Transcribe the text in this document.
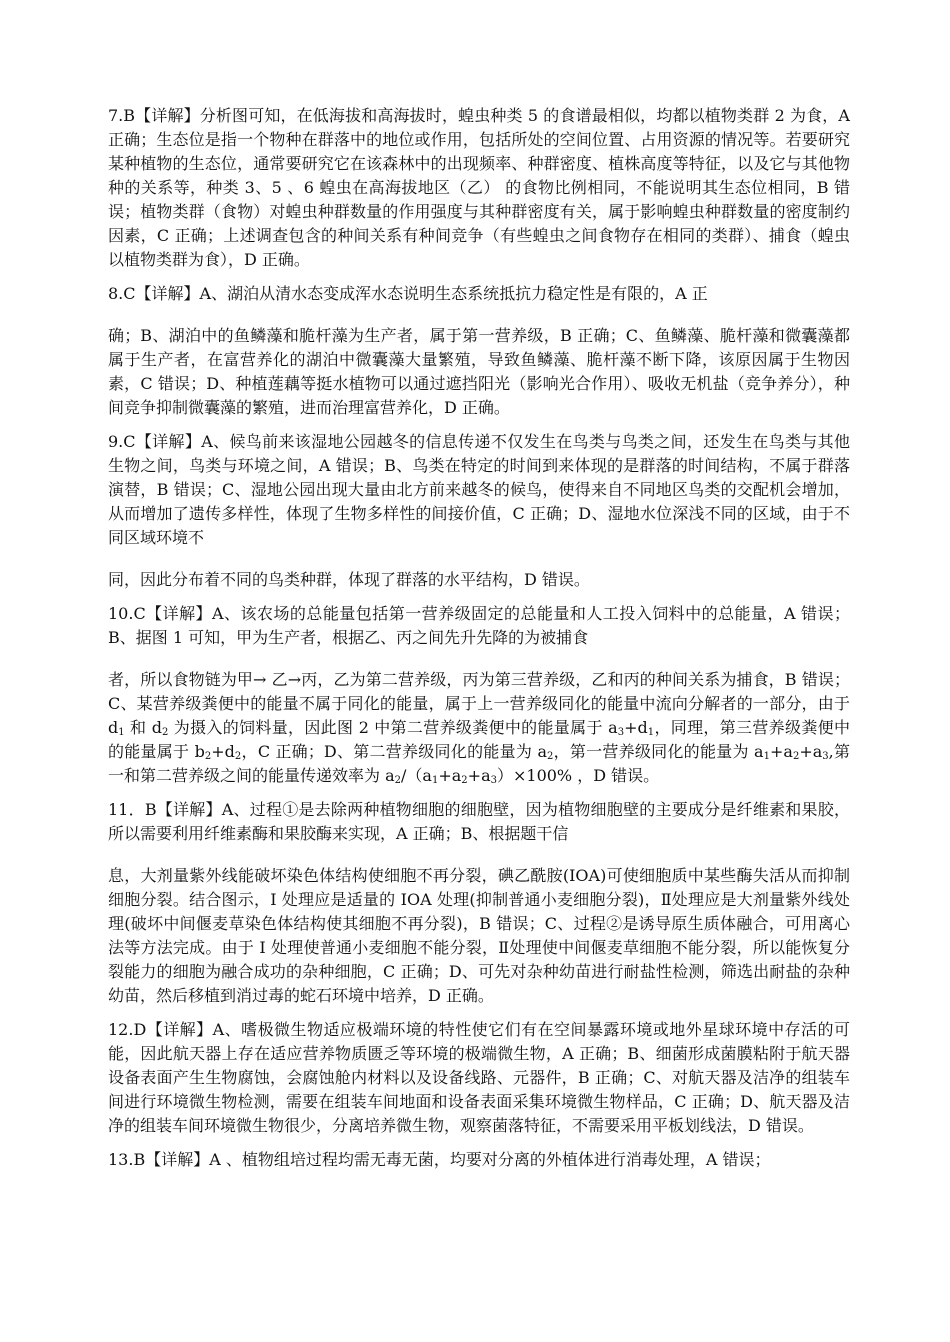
7.B【详解】分析图可知，在低海拔和高海拔时，蝗虫种类 5 的食谱最相似，均都以植物类群 2 为食，A 正确；生态位是指一个物种在群落中的地位或作用，包括所处的空间位置、占用资源的情况等。若要研究某种植物的生态位，通常要研究它在该森林中的出现频率、种群密度、植株高度等特征，以及它与其他物种的关系等，种类 3、5 、6 蝗虫在高海拔地区（乙） 的食物比例相同，不能说明其生态位相同，B 错误；植物类群（食物）对蝗虫种群数量的作用强度与其种群密度有关，属于影响蝗虫种群数量的密度制约因素，C 正确；上述调查包含的种间关系有种间竞争（有些蝗虫之间食物存在相同的类群）、捕食（蝗虫以植物类群为食），D 正确。

8.C【详解】A、湖泊从清水态变成浑水态说明生态系统抵抗力稳定性是有限的，A 正

确；B、湖泊中的鱼鳞藻和脆杆藻为生产者，属于第一营养级，B 正确；C、鱼鳞藻、脆杆藻和微囊藻都属于生产者，在富营养化的湖泊中微囊藻大量繁殖，导致鱼鳞藻、脆杆藻不断下降，该原因属于生物因素，C 错误；D、种植莲藕等挺水植物可以通过遮挡阳光（影响光合作用）、吸收无机盐（竞争养分），种间竞争抑制微囊藻的繁殖，进而治理富营养化，D 正确。

9.C【详解】A、候鸟前来该湿地公园越冬的信息传递不仅发生在鸟类与鸟类之间，还发生在鸟类与其他生物之间，鸟类与环境之间，A 错误；B、鸟类在特定的时间到来体现的是群落的时间结构，不属于群落演替，B 错误；C、湿地公园出现大量由北方前来越冬的候鸟，使得来自不同地区鸟类的交配机会增加，从而增加了遗传多样性，体现了生物多样性的间接价值，C 正确；D、湿地水位深浅不同的区域，由于不同区域环境不

同，因此分布着不同的鸟类种群，体现了群落的水平结构，D 错误。

10.C【详解】A、该农场的总能量包括第一营养级固定的总能量和人工投入饲料中的总能量，A 错误；B、据图 1 可知，甲为生产者，根据乙、丙之间先升先降的为被捕食

者，所以食物链为甲→ 乙→丙，乙为第二营养级，丙为第三营养级，乙和丙的种间关系为捕食，B 错误；C、某营养级粪便中的能量不属于同化的能量，属于上一营养级同化的能量中流向分解者的一部分，由于 $d_1$ 和 $d_2$ 为摄入的饲料量，因此图 2 中第二营养级粪便中的能量属于 $a_3+d_1$，同理，第三营养级粪便中的能量属于 $b_2+d_2$，C 正确；D、第二营养级同化的能量为 $a_2$，第一营养级同化的能量为 $a_1+a_2+a_3$,第一和第二营养级之间的能量传递效率为 $a_2/(a_1+a_2+a_3)\times 100\%$ ，D 错误。

11．B【详解】A、过程①是去除两种植物细胞的细胞壁，因为植物细胞壁的主要成分是纤维素和果胶，所以需要利用纤维素酶和果胶酶来实现，A 正确；B、根据题干信

息，大剂量紫外线能破坏染色体结构使细胞不再分裂，碘乙酰胺(IOA)可使细胞质中某些酶失活从而抑制细胞分裂。结合图示，I 处理应是适量的 IOA 处理(抑制普通小麦细胞分裂)，Ⅱ处理应是大剂量紫外线处理(破坏中间偃麦草染色体结构使其细胞不再分裂)，B 错误；C、过程②是诱导原生质体融合，可用离心法等方法完成。由于 I 处理使普通小麦细胞不能分裂，Ⅱ处理使中间偃麦草细胞不能分裂，所以能恢复分裂能力的细胞为融合成功的杂种细胞，C 正确；D、可先对杂种幼苗进行耐盐性检测，筛选出耐盐的杂种幼苗，然后移植到消过毒的蛇石环境中培养，D 正确。

12.D【详解】A、嗜极微生物适应极端环境的特性使它们有在空间暴露环境或地外星球环境中存活的可能，因此航天器上存在适应营养物质匮乏等环境的极端微生物，A 正确；B、细菌形成菌膜粘附于航天器设备表面产生生物腐蚀，会腐蚀舱内材料以及设备线路、元器件，B 正确；C、对航天器及洁净的组装车间进行环境微生物检测，需要在组装车间地面和设备表面采集环境微生物样品，C 正确；D、航天器及洁净的组装车间环境微生物很少，分离培养微生物，观察菌落特征，不需要采用平板划线法，D 错误。

13.B【详解】A 、植物组培过程均需无毒无菌，均要对分离的外植体进行消毒处理，A 错误；
